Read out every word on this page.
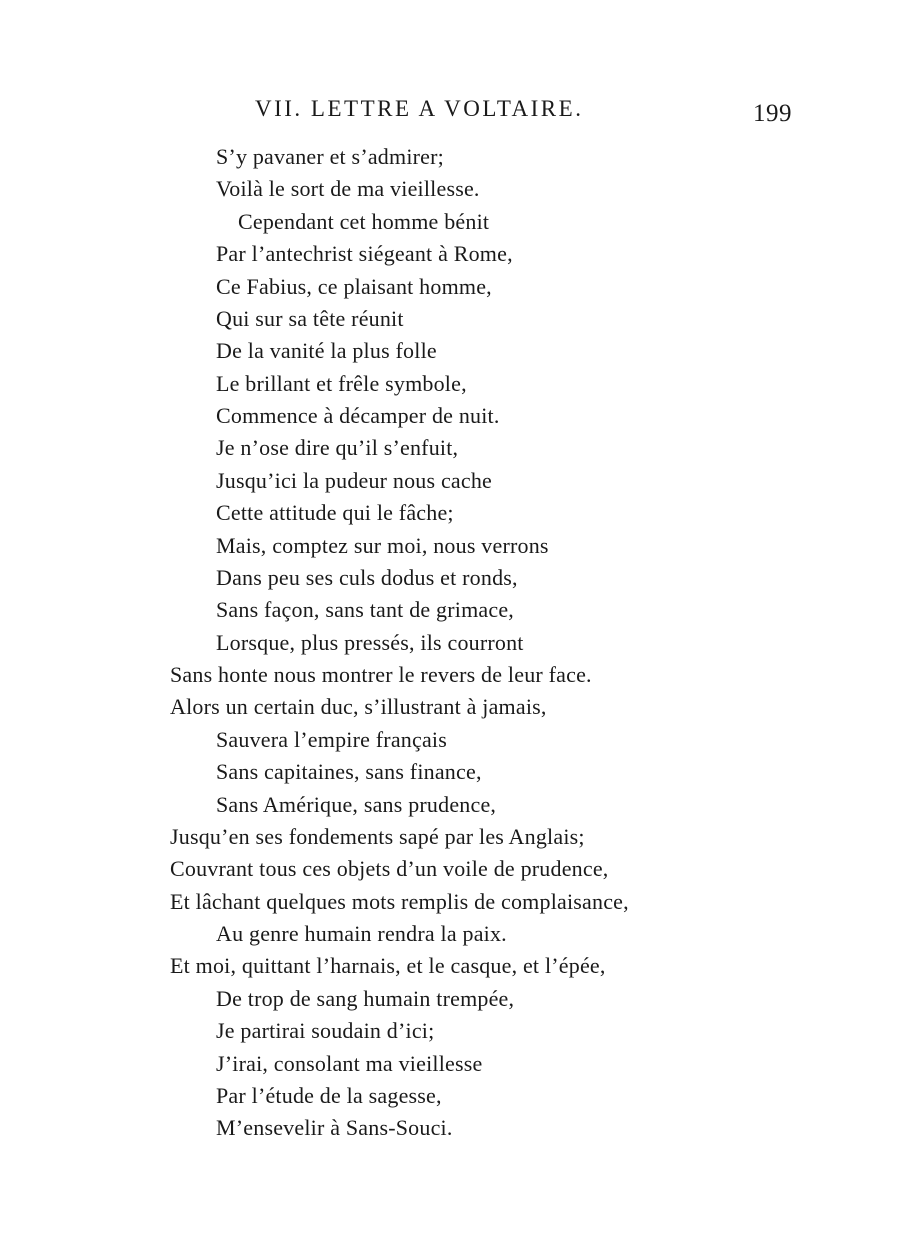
VII. LETTRE A VOLTAIRE.	199
S’y pavaner et s’admirer;
Voilà le sort de ma vieillesse.
Cependant cet homme bénit
Par l’antechrist siégeant à Rome,
Ce Fabius, ce plaisant homme,
Qui sur sa tête réunit
De la vanité la plus folle
Le brillant et frêle symbole,
Commence à décamper de nuit.
Je n’ose dire qu’il s’enfuit,
Jusqu’ici la pudeur nous cache
Cette attitude qui le fâche;
Mais, comptez sur moi, nous verrons
Dans peu ses culs dodus et ronds,
Sans façon, sans tant de grimace,
Lorsque, plus pressés, ils courront
Sans honte nous montrer le revers de leur face.
Alors un certain duc, s’illustrant à jamais,
Sauvera l’empire français
Sans capitaines, sans finance,
Sans Amérique, sans prudence,
Jusqu’en ses fondements sapé par les Anglais;
Couvrant tous ces objets d’un voile de prudence,
Et lâchant quelques mots remplis de complaisance,
Au genre humain rendra la paix.
Et moi, quittant l’harnais, et le casque, et l’épée,
De trop de sang humain trempée,
Je partirai soudain d’ici;
J’irai, consolant ma vieillesse
Par l’étude de la sagesse,
M’ensevelir à Sans-Souci.
